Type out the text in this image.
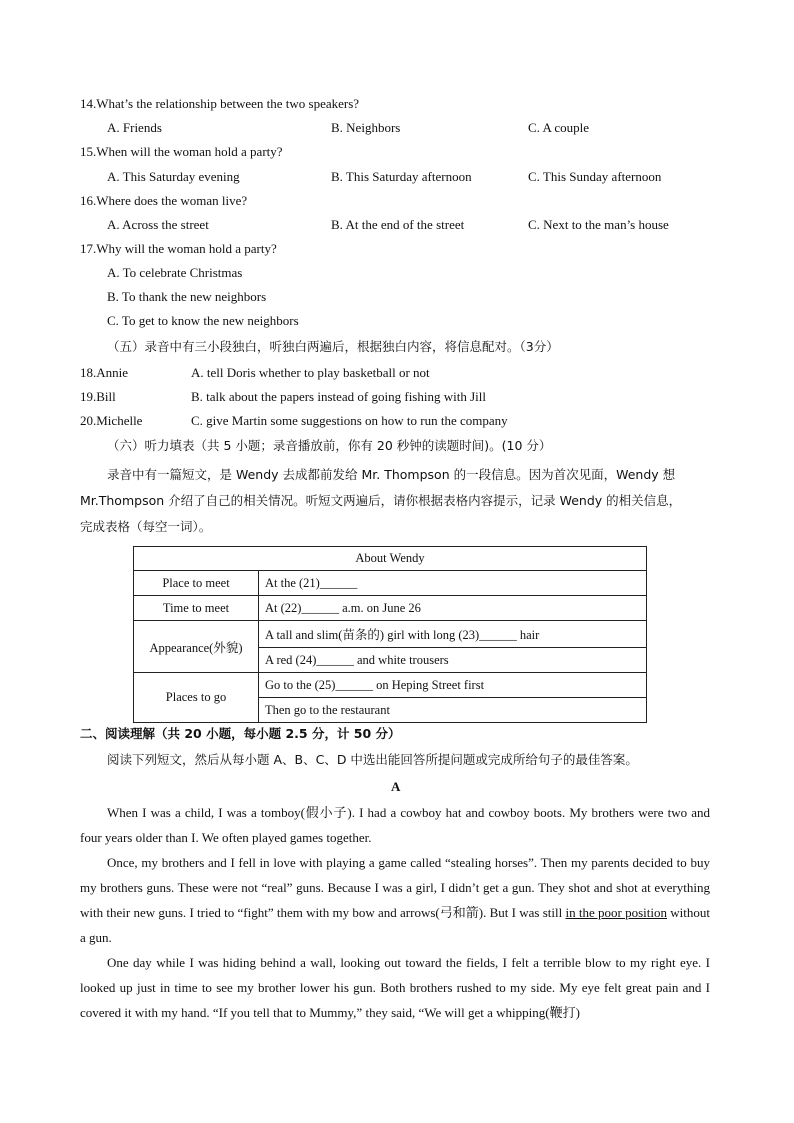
14.What’s the relationship between the two speakers?
A. Friends	B. Neighbors	C. A couple
15.When will the woman hold a party?
A. This Saturday evening	B. This Saturday afternoon	C. This Sunday afternoon
16.Where does the woman live?
A. Across the street	B. At the end of the street	C. Next to the man’s house
17.Why will the woman hold a party?
A. To celebrate Christmas
B. To thank the new neighbors
C. To get to know the new neighbors
（五）录音中有三小段独白，听独白两遍后，根据独白内容，将信息配对。（3分）
18.Annie	A. tell Doris whether to play basketball or not
19.Bill	B. talk about the papers instead of going fishing with Jill
20.Michelle	C. give Martin some suggestions on how to run the company
（六）听力填表（共 5 小题；录音播放前，你有 20 秒钟的读题时间)。(10 分）
录音中有一篇短文，是 Wendy 去成都前发给 Mr. Thompson 的一段信息。因为首次见面，Wendy 想
Mr.Thompson 介绍了自己的相关情况。听短文两遍后，请你根据表格内容提示，记录 Wendy 的相关信息，
完成表格（每空一词）。
About Wendy	
Place to meet	At the (21)______
Time to meet	At (22)______ a.m. on June 26
Appearance(外貌)	A tall and slim(苗条的) girl with long (23)______ hair
	A red (24)______ and white trousers
Places to go	Go to the (25)______ on Heping Street first
	Then go to the restaurant
二、阅读理解（共 20 小题，每小题 2.5 分，计 50 分）
阅读下列短文，然后从每小题 A、B、C、D 中选出能回答所提问题或完成所给句子的最佳答案。
A

When I was a child, I was a tomboy(假小子). I had a cowboy hat and cowboy boots. My brothers were two and four years older than I. We often played games together.

Once, my brothers and I fell in love with playing a game called “stealing horses”. Then my parents decided to buy my brothers guns. These were not “real” guns. Because I was a girl, I didn’t get a gun. They shot and shot at everything with their new guns. I tried to “fight” them with my bow and arrows(弓和箭). But I was still in the poor position without a gun.

One day while I was hiding behind a wall, looking out toward the fields, I felt a terrible blow to my right eye. I looked up just in time to see my brother lower his gun. Both brothers rushed to my side. My eye felt great pain and I covered it with my hand. “If you tell that to Mummy,” they said, “We will get a whipping(鞭打)
